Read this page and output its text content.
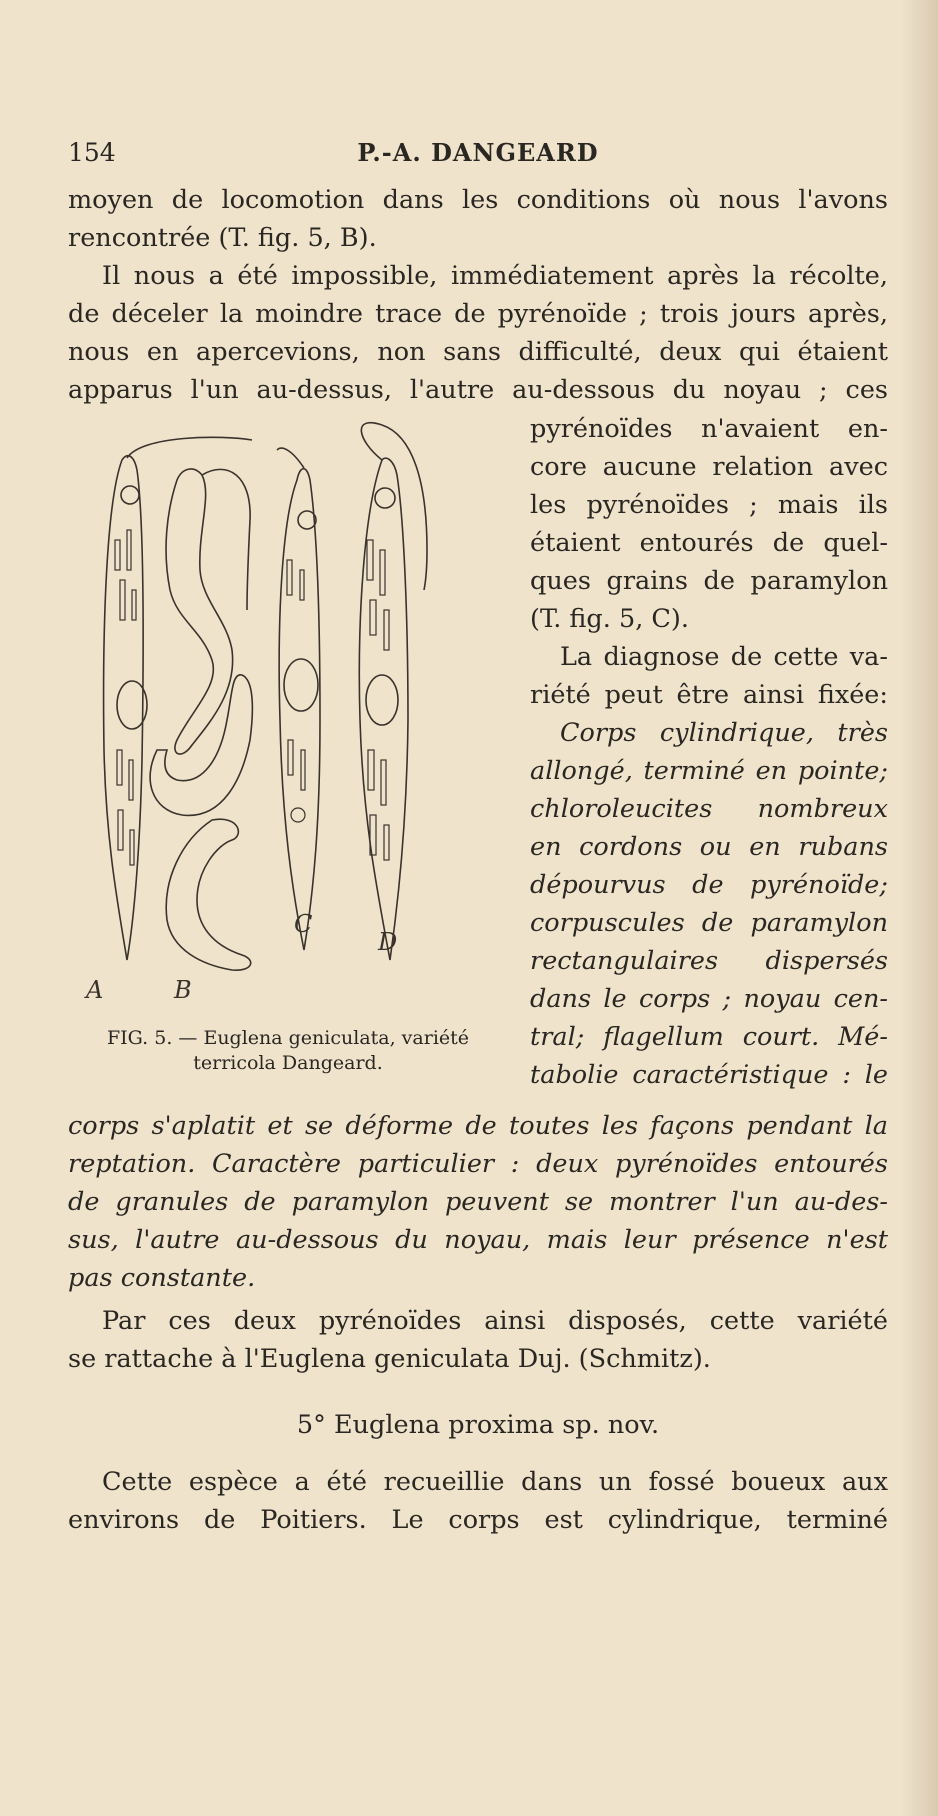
154	P.-A. DANGEARD
moyen de locomotion dans les conditions où nous l'avons
rencontrée (T. fig. 5, B).
Il nous a été impossible, immédiatement après la récolte,
de déceler la moindre trace de pyrénoïde ; trois jours après,
nous en apercevions, non sans difficulté, deux qui étaient
apparus l'un au-dessus, l'autre au-dessous du noyau ; ces
A	B
C
D
FIG. 5. — Euglena geniculata, variété
terricola Dangeard.
pyrénoïdes n'avaient en-
core aucune relation avec
les pyrénoïdes ; mais ils
étaient entourés de quel-
ques grains de paramylon
(T. fig. 5, C).
La diagnose de cette va-
riété peut être ainsi fixée:
Corps cylindrique, très
allongé, terminé en pointe;
chloroleucites nombreux
en cordons ou en rubans
dépourvus de pyrénoïde;
corpuscules de paramylon
rectangulaires dispersés
dans le corps ; noyau cen-
tral; flagellum court. Mé-
tabolie caractéristique : le
corps s'aplatit et se déforme de toutes les façons pendant la
reptation. Caractère particulier : deux pyrénoïdes entourés
de granules de paramylon peuvent se montrer l'un au-des-
sus, l'autre au-dessous du noyau, mais leur présence n'est
pas constante.
Par ces deux pyrénoïdes ainsi disposés, cette variété
se rattache à l'Euglena geniculata Duj. (Schmitz).
5° Euglena proxima sp. nov.
Cette espèce a été recueillie dans un fossé boueux aux
environs de Poitiers. Le corps est cylindrique, terminé
